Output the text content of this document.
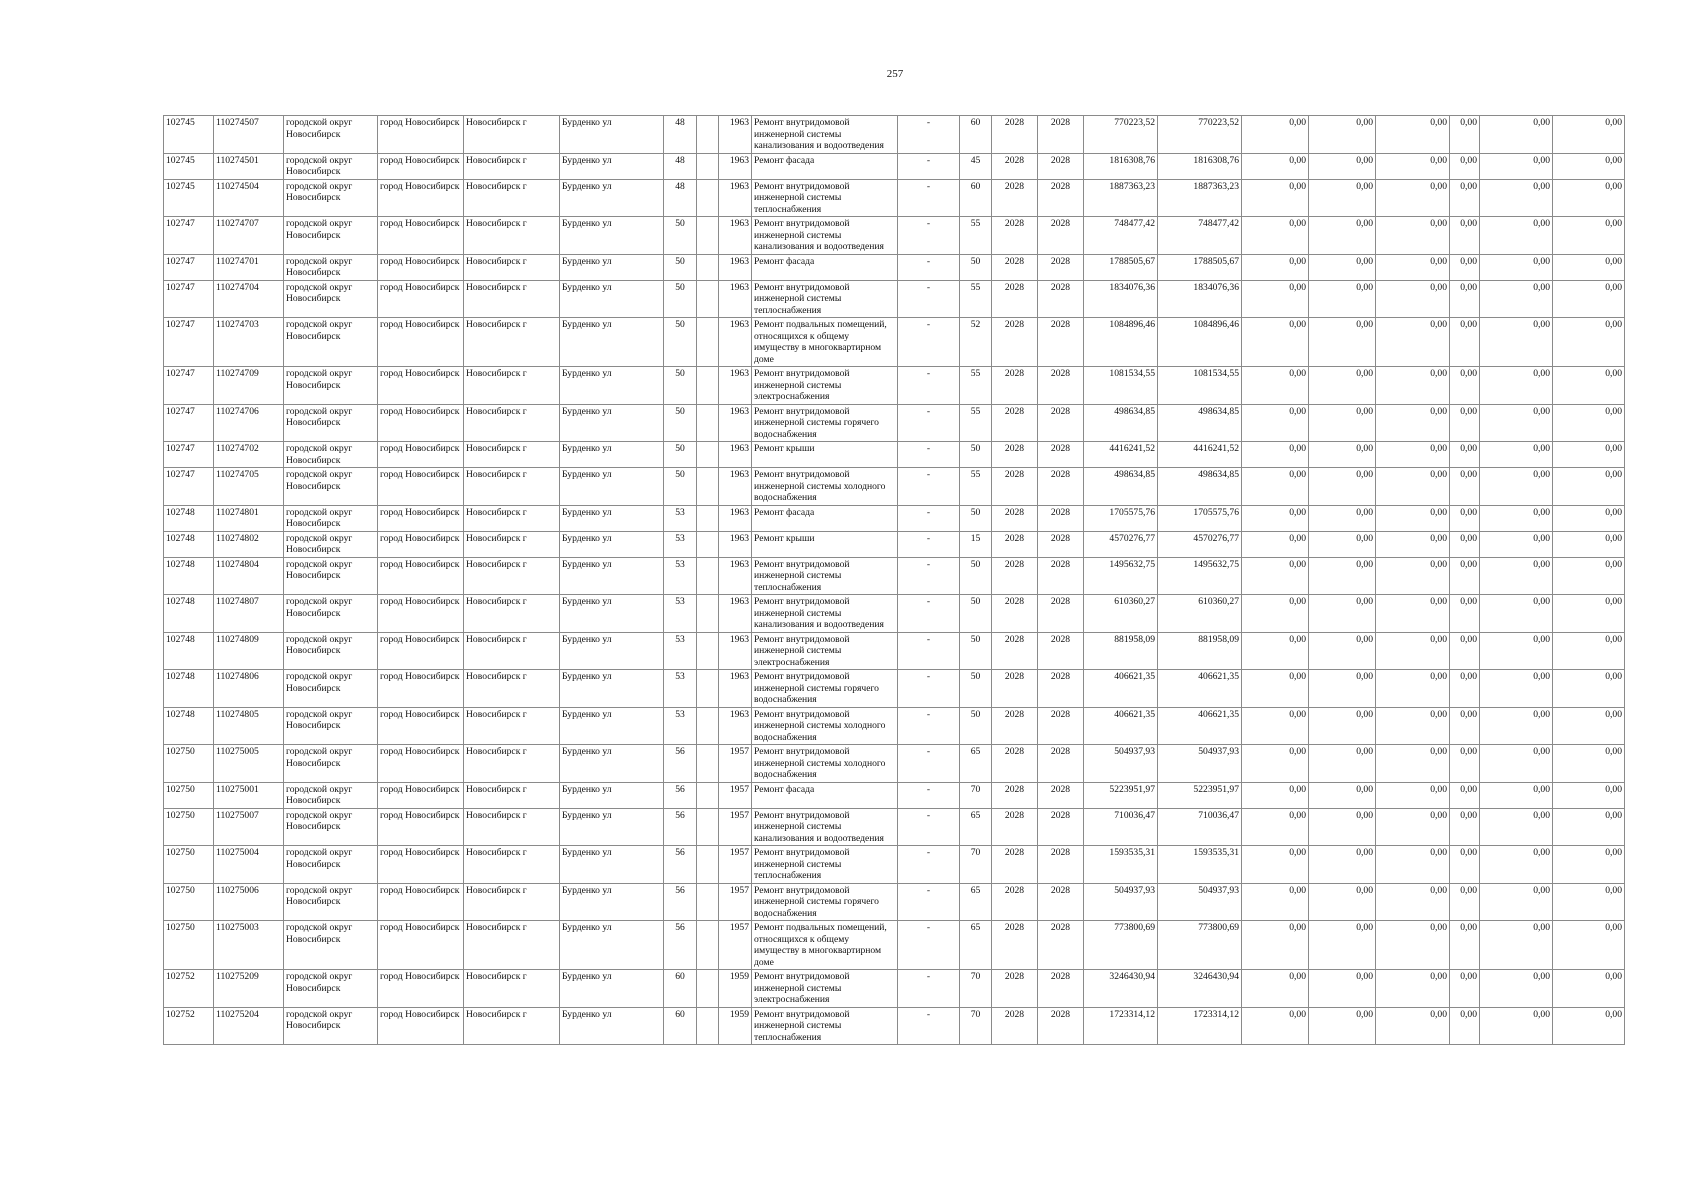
257
102745	110274507	городской округ Новосибирск	город Новосибирск	Новосибирск г	Бурденко ул	48		1963	Ремонт внутридомовой инженерной системы канализования и водоотведения	-	60	2028	2028	770223,52	770223,52	0,00	0,00	0,00	0,00	0,00	0,00
102745	110274501	городской округ Новосибирск	город Новосибирск	Новосибирск г	Бурденко ул	48		1963	Ремонт фасада	-	45	2028	2028	1816308,76	1816308,76	0,00	0,00	0,00	0,00	0,00	0,00
102745	110274504	городской округ Новосибирск	город Новосибирск	Новосибирск г	Бурденко ул	48		1963	Ремонт внутридомовой инженерной системы теплоснабжения	-	60	2028	2028	1887363,23	1887363,23	0,00	0,00	0,00	0,00	0,00	0,00
102747	110274707	городской округ Новосибирск	город Новосибирск	Новосибирск г	Бурденко ул	50		1963	Ремонт внутридомовой инженерной системы канализования и водоотведения	-	55	2028	2028	748477,42	748477,42	0,00	0,00	0,00	0,00	0,00	0,00
102747	110274701	городской округ Новосибирск	город Новосибирск	Новосибирск г	Бурденко ул	50		1963	Ремонт фасада	-	50	2028	2028	1788505,67	1788505,67	0,00	0,00	0,00	0,00	0,00	0,00
102747	110274704	городской округ Новосибирск	город Новосибирск	Новосибирск г	Бурденко ул	50		1963	Ремонт внутридомовой инженерной системы теплоснабжения	-	55	2028	2028	1834076,36	1834076,36	0,00	0,00	0,00	0,00	0,00	0,00
102747	110274703	городской округ Новосибирск	город Новосибирск	Новосибирск г	Бурденко ул	50		1963	Ремонт подвальных помещений, относящихся к общему имуществу в многоквартирном доме	-	52	2028	2028	1084896,46	1084896,46	0,00	0,00	0,00	0,00	0,00	0,00
102747	110274709	городской округ Новосибирск	город Новосибирск	Новосибирск г	Бурденко ул	50		1963	Ремонт внутридомовой инженерной системы электроснабжения	-	55	2028	2028	1081534,55	1081534,55	0,00	0,00	0,00	0,00	0,00	0,00
102747	110274706	городской округ Новосибирск	город Новосибирск	Новосибирск г	Бурденко ул	50		1963	Ремонт внутридомовой инженерной системы горячего водоснабжения	-	55	2028	2028	498634,85	498634,85	0,00	0,00	0,00	0,00	0,00	0,00
102747	110274702	городской округ Новосибирск	город Новосибирск	Новосибирск г	Бурденко ул	50		1963	Ремонт крыши	-	50	2028	2028	4416241,52	4416241,52	0,00	0,00	0,00	0,00	0,00	0,00
102747	110274705	городской округ Новосибирск	город Новосибирск	Новосибирск г	Бурденко ул	50		1963	Ремонт внутридомовой инженерной системы холодного водоснабжения	-	55	2028	2028	498634,85	498634,85	0,00	0,00	0,00	0,00	0,00	0,00
102748	110274801	городской округ Новосибирск	город Новосибирск	Новосибирск г	Бурденко ул	53		1963	Ремонт фасада	-	50	2028	2028	1705575,76	1705575,76	0,00	0,00	0,00	0,00	0,00	0,00
102748	110274802	городской округ Новосибирск	город Новосибирск	Новосибирск г	Бурденко ул	53		1963	Ремонт крыши	-	15	2028	2028	4570276,77	4570276,77	0,00	0,00	0,00	0,00	0,00	0,00
102748	110274804	городской округ Новосибирск	город Новосибирск	Новосибирск г	Бурденко ул	53		1963	Ремонт внутридомовой инженерной системы теплоснабжения	-	50	2028	2028	1495632,75	1495632,75	0,00	0,00	0,00	0,00	0,00	0,00
102748	110274807	городской округ Новосибирск	город Новосибирск	Новосибирск г	Бурденко ул	53		1963	Ремонт внутридомовой инженерной системы канализования и водоотведения	-	50	2028	2028	610360,27	610360,27	0,00	0,00	0,00	0,00	0,00	0,00
102748	110274809	городской округ Новосибирск	город Новосибирск	Новосибирск г	Бурденко ул	53		1963	Ремонт внутридомовой инженерной системы электроснабжения	-	50	2028	2028	881958,09	881958,09	0,00	0,00	0,00	0,00	0,00	0,00
102748	110274806	городской округ Новосибирск	город Новосибирск	Новосибирск г	Бурденко ул	53		1963	Ремонт внутридомовой инженерной системы горячего водоснабжения	-	50	2028	2028	406621,35	406621,35	0,00	0,00	0,00	0,00	0,00	0,00
102748	110274805	городской округ Новосибирск	город Новосибирск	Новосибирск г	Бурденко ул	53		1963	Ремонт внутридомовой инженерной системы холодного водоснабжения	-	50	2028	2028	406621,35	406621,35	0,00	0,00	0,00	0,00	0,00	0,00
102750	110275005	городской округ Новосибирск	город Новосибирск	Новосибирск г	Бурденко ул	56		1957	Ремонт внутридомовой инженерной системы холодного водоснабжения	-	65	2028	2028	504937,93	504937,93	0,00	0,00	0,00	0,00	0,00	0,00
102750	110275001	городской округ Новосибирск	город Новосибирск	Новосибирск г	Бурденко ул	56		1957	Ремонт фасада	-	70	2028	2028	5223951,97	5223951,97	0,00	0,00	0,00	0,00	0,00	0,00
102750	110275007	городской округ Новосибирск	город Новосибирск	Новосибирск г	Бурденко ул	56		1957	Ремонт внутридомовой инженерной системы канализования и водоотведения	-	65	2028	2028	710036,47	710036,47	0,00	0,00	0,00	0,00	0,00	0,00
102750	110275004	городской округ Новосибирск	город Новосибирск	Новосибирск г	Бурденко ул	56		1957	Ремонт внутридомовой инженерной системы теплоснабжения	-	70	2028	2028	1593535,31	1593535,31	0,00	0,00	0,00	0,00	0,00	0,00
102750	110275006	городской округ Новосибирск	город Новосибирск	Новосибирск г	Бурденко ул	56		1957	Ремонт внутридомовой инженерной системы горячего водоснабжения	-	65	2028	2028	504937,93	504937,93	0,00	0,00	0,00	0,00	0,00	0,00
102750	110275003	городской округ Новосибирск	город Новосибирск	Новосибирск г	Бурденко ул	56		1957	Ремонт подвальных помещений, относящихся к общему имуществу в многоквартирном доме	-	65	2028	2028	773800,69	773800,69	0,00	0,00	0,00	0,00	0,00	0,00
102752	110275209	городской округ Новосибирск	город Новосибирск	Новосибирск г	Бурденко ул	60		1959	Ремонт внутридомовой инженерной системы электроснабжения	-	70	2028	2028	3246430,94	3246430,94	0,00	0,00	0,00	0,00	0,00	0,00
102752	110275204	городской округ Новосибирск	город Новосибирск	Новосибирск г	Бурденко ул	60		1959	Ремонт внутридомовой инженерной системы теплоснабжения	-	70	2028	2028	1723314,12	1723314,12	0,00	0,00	0,00	0,00	0,00	0,00
